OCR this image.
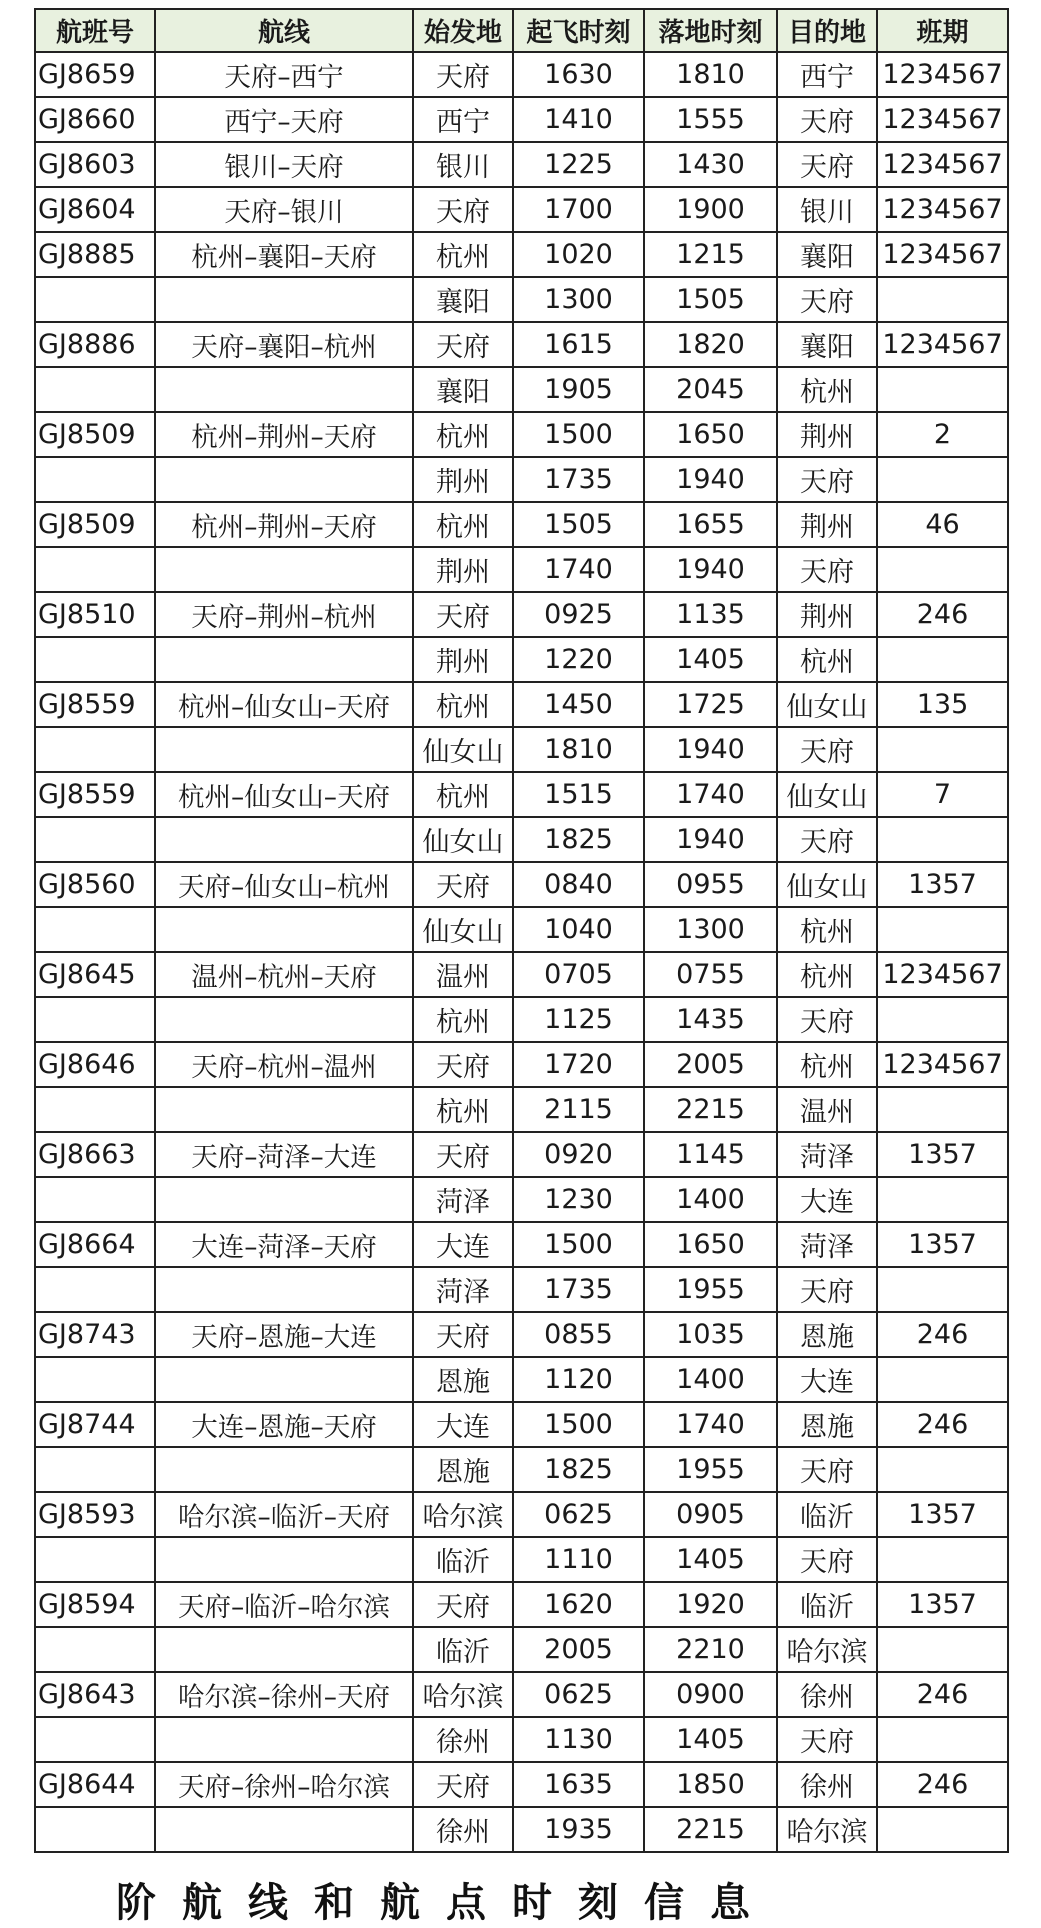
航班号	航线	始发地	起飞时刻	落地时刻	目的地	班期
GJ8659	天府–西宁	天府	1630	1810	西宁	1234567
GJ8660	西宁–天府	西宁	1410	1555	天府	1234567
GJ8603	银川–天府	银川	1225	1430	天府	1234567
GJ8604	天府–银川	天府	1700	1900	银川	1234567
GJ8885	杭州–襄阳–天府	杭州	1020	1215	襄阳	1234567
		襄阳	1300	1505	天府	
GJ8886	天府–襄阳–杭州	天府	1615	1820	襄阳	1234567
		襄阳	1905	2045	杭州	
GJ8509	杭州–荆州–天府	杭州	1500	1650	荆州	2
		荆州	1735	1940	天府	
GJ8509	杭州–荆州–天府	杭州	1505	1655	荆州	46
		荆州	1740	1940	天府	
GJ8510	天府–荆州–杭州	天府	0925	1135	荆州	246
		荆州	1220	1405	杭州	
GJ8559	杭州–仙女山–天府	杭州	1450	1725	仙女山	135
		仙女山	1810	1940	天府	
GJ8559	杭州–仙女山–天府	杭州	1515	1740	仙女山	7
		仙女山	1825	1940	天府	
GJ8560	天府–仙女山–杭州	天府	0840	0955	仙女山	1357
		仙女山	1040	1300	杭州	
GJ8645	温州–杭州–天府	温州	0705	0755	杭州	1234567
		杭州	1125	1435	天府	
GJ8646	天府–杭州–温州	天府	1720	2005	杭州	1234567
		杭州	2115	2215	温州	
GJ8663	天府–菏泽–大连	天府	0920	1145	菏泽	1357
		菏泽	1230	1400	大连	
GJ8664	大连–菏泽–天府	大连	1500	1650	菏泽	1357
		菏泽	1735	1955	天府	
GJ8743	天府–恩施–大连	天府	0855	1035	恩施	246
		恩施	1120	1400	大连	
GJ8744	大连–恩施–天府	大连	1500	1740	恩施	246
		恩施	1825	1955	天府	
GJ8593	哈尔滨–临沂–天府	哈尔滨	0625	0905	临沂	1357
		临沂	1110	1405	天府	
GJ8594	天府–临沂–哈尔滨	天府	1620	1920	临沂	1357
		临沂	2005	2210	哈尔滨	
GJ8643	哈尔滨–徐州–天府	哈尔滨	0625	0900	徐州	246
		徐州	1130	1405	天府	
GJ8644	天府–徐州–哈尔滨	天府	1635	1850	徐州	246
		徐州	1935	2215	哈尔滨	
阶航线和航点时刻信息
